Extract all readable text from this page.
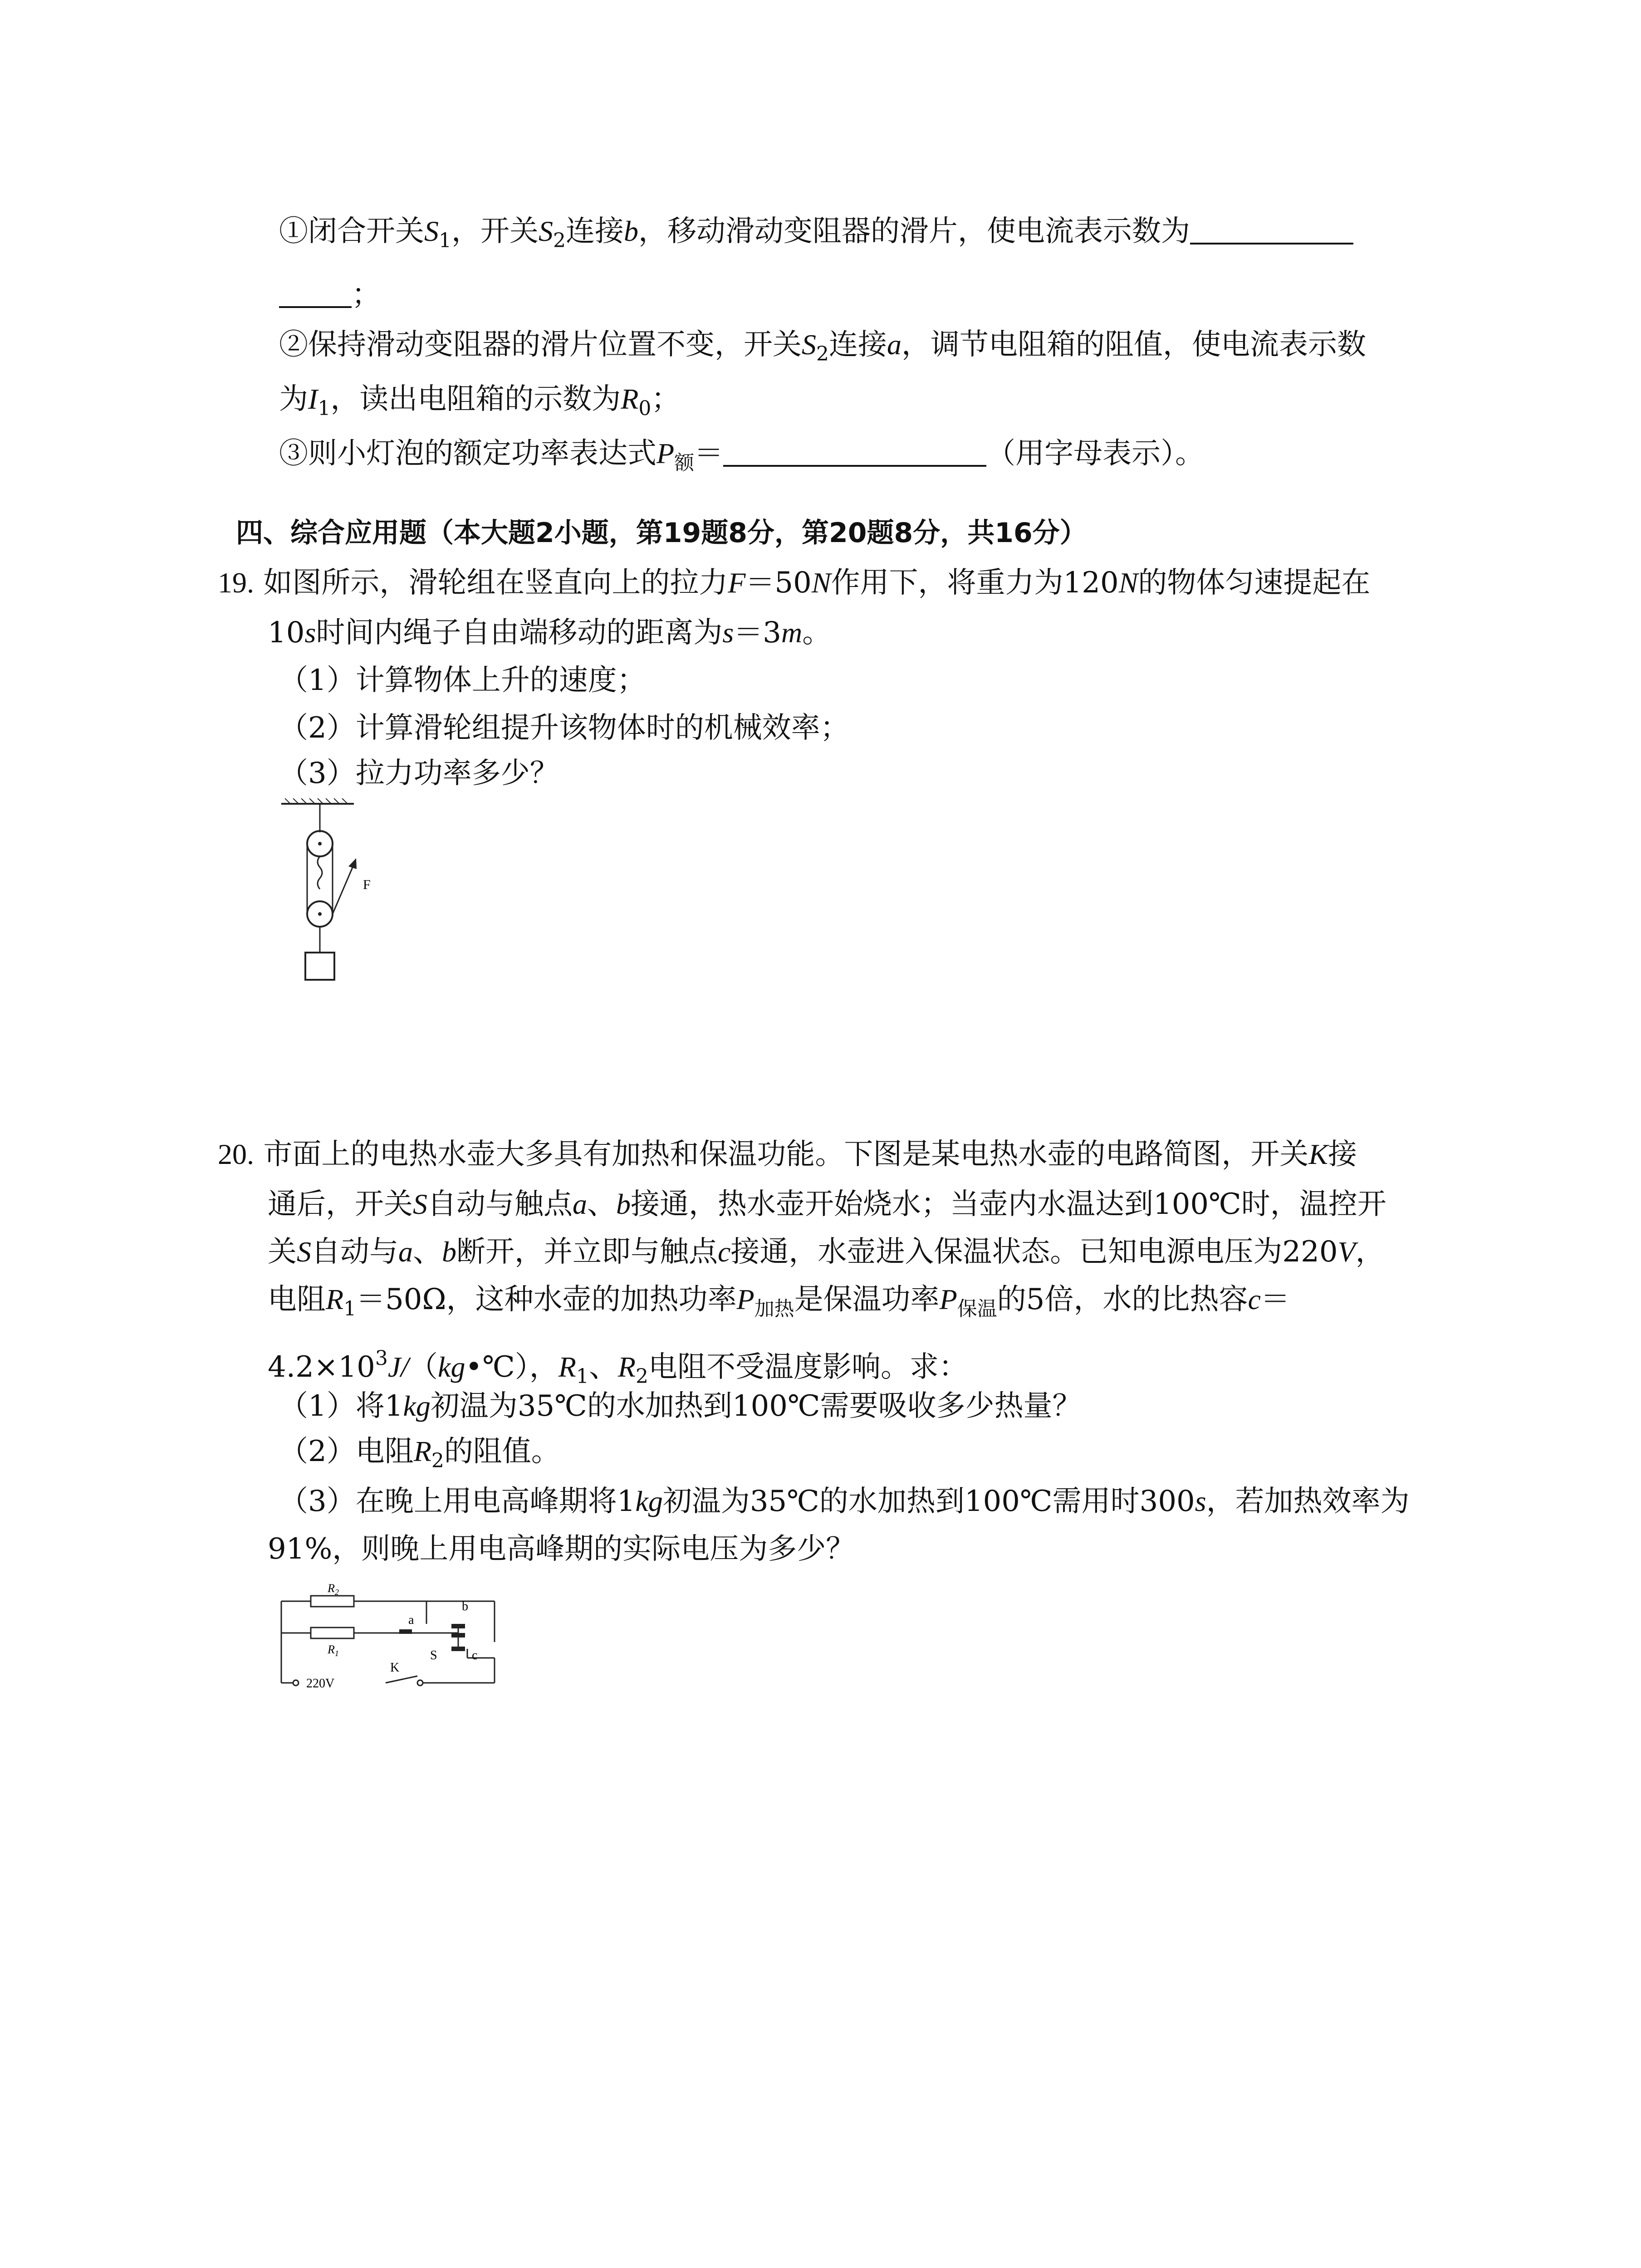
①闭合开关$S_1$，开关$S_2$连接b，移动滑动变阻器的滑片，使电流表示数为
；
②保持滑动变阻器的滑片位置不变，开关$S_2$连接a，调节电阻箱的阻值，使电流表示数
为$I_1$，读出电阻箱的示数为$R_0$；
③则小灯泡的额定功率表达式$P_额=$	（用字母表示）。
四、综合应用题（本大题2小题，第19题8分，第20题8分，共16分）
19. 如图所示，滑轮组在竖直向上的拉力F＝50N作用下，将重力为120N的物体匀速提起在
10s时间内绳子自由端移动的距离为s＝3m。
（1）计算物体上升的速度；
（2）计算滑轮组提升该物体时的机械效率；
（3）拉力功率多少？
F
20. 市面上的电热水壶大多具有加热和保温功能。下图是某电热水壶的电路简图，开关K接
通后，开关S自动与触点a、b接通，热水壶开始烧水；当壶内水温达到100℃时，温控开
关S自动与a、b断开，并立即与触点c接通，水壶进入保温状态。已知电源电压为220V，
电阻$R_1=50\Omega$，这种水壶的加热功率$P_{加热}$是保温功率$P_{保温}$的5倍，水的比热容c＝
$4.2\times 10^3J/(kg•℃)$，$R_1$、$R_2$电阻不受温度影响。求：
（1）将1kg初温为35℃的水加热到100℃需要吸收多少热量？
（2）电阻$R_2$的阻值。
（3）在晚上用电高峰期将1kg初温为35℃的水加热到100℃需用时300s，若加热效率为
91%，则晚上用电高峰期的实际电压为多少？
$R_2$
$R_1$
a
b
c
S
K
220V
